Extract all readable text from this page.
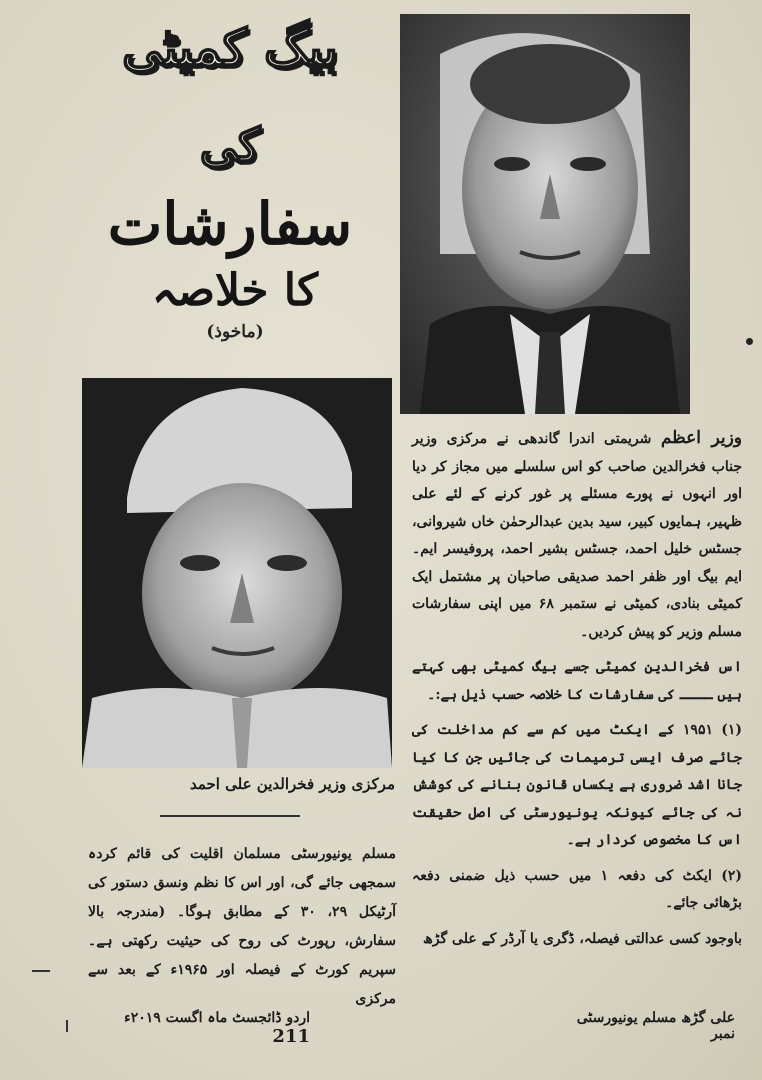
بیگ کمیٹی
کی
سفارشات
کا خلاصہ
(ماخوذ)
مرکزی وزیر فخرالدین علی احمد

وزیر اعظم شریمتی اندرا گاندھی نے مرکزی وزیر جناب فخرالدین صاحب کو اس سلسلے میں مجاز کر دیا اور انہوں نے پورے مسئلے پر غور کرنے کے لئے علی ظہیر، ہمایوں کبیر، سید بدین عبدالرحمٰن خاں شیروانی، جسٹس خلیل احمد، جسٹس بشیر احمد، پروفیسر ایم۔ ایم بیگ اور ظفر احمد صدیقی صاحبان پر مشتمل ایک کمیٹی بنادی، کمیٹی نے ستمبر ۶۸ میں اپنی سفارشات مسلم وزیر کو پیش کردیں۔

اس فخرالدین کمیٹی جسے بیگ کمیٹی بھی کہتے ہیں ــــ کی سفارشات کا خلاصہ حسب ذیل ہے:۔

(۱) ۱۹۵۱ کے ایکٹ میں کم سے کم مداخلت کی جائے صرف ایسی ترمیمات کی جائیں جن کا کیا جانا اشد ضروری ہے یکساں قانون بنانے کی کوشش نہ کی جائے کیونکہ یونیورسٹی کی اصل حقیقت اس کا مخصوص کردار ہے۔

(۲) ایکٹ کی دفعہ ۱ میں حسب ذیل ضمنی دفعہ بڑھائی جائے۔

باوجود کسی عدالتی فیصلہ، ڈگری یا آرڈر کے علی گڑھ

مسلم یونیورسٹی مسلمان اقلیت کی قائم کردہ سمجھی جائے گی، اور اس کا نظم ونسق دستور کی آرٹیکل ۲۹، ۳۰ کے مطابق ہوگا۔ (مندرجہ بالا سفارش، رپورٹ کی روح کی حیثیت رکھتی ہے۔ سپریم کورٹ کے فیصلہ اور ۱۹۶۵ء کے بعد سے مرکزی

اردو ڈائجسٹ ماہ اگست ۲۰۱۹ء 211
علی گڑھ مسلم یونیورسٹی نمبر
